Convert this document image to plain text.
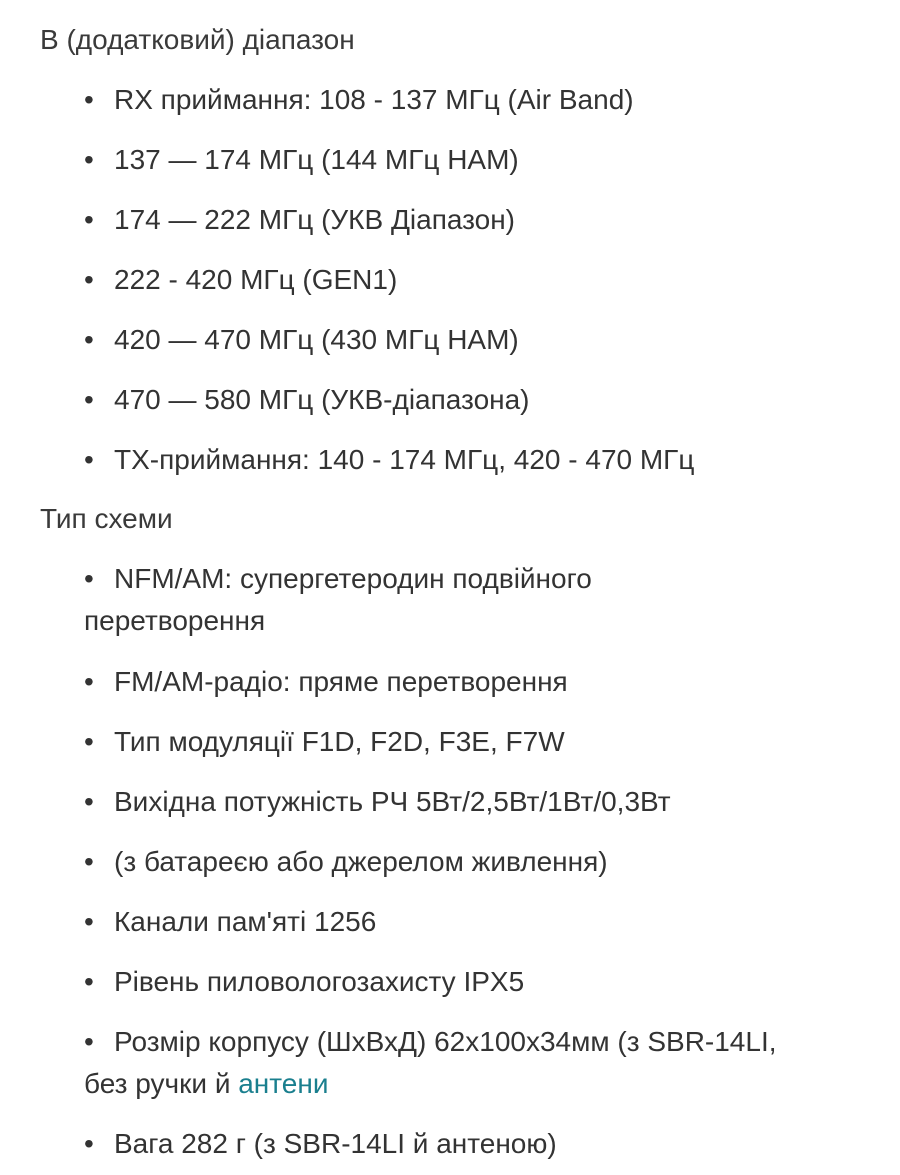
B (додатковий) діапазон
• RX приймання: 108 - 137 МГц (Air Band)
• 137 — 174 МГц (144 МГц HAM)
• 174 — 222 МГц (УКВ Діапазон)
• 222 - 420 МГц (GEN1)
• 420 — 470 МГц (430 МГц HAM)
• 470 — 580 МГц (УКВ-діапазона)
• TX-приймання: 140 - 174 МГц, 420 - 470 МГц
Тип схеми
• NFM/AM: супергетеродин подвійного перетворення
• FM/AM-радіо: пряме перетворення
• Тип модуляції F1D, F2D, F3E, F7W
• Вихідна потужність РЧ 5Вт/2,5Вт/1Вт/0,3Вт
• (з батареєю або джерелом живлення)
• Канали пам'яті 1256
• Рівень пиловологозахисту IPX5
• Розмір корпусу (ШхВхД) 62x100x34мм (з SBR-14LI, без ручки й антени
• Вага 282 г (з SBR-14LI й антеною)
